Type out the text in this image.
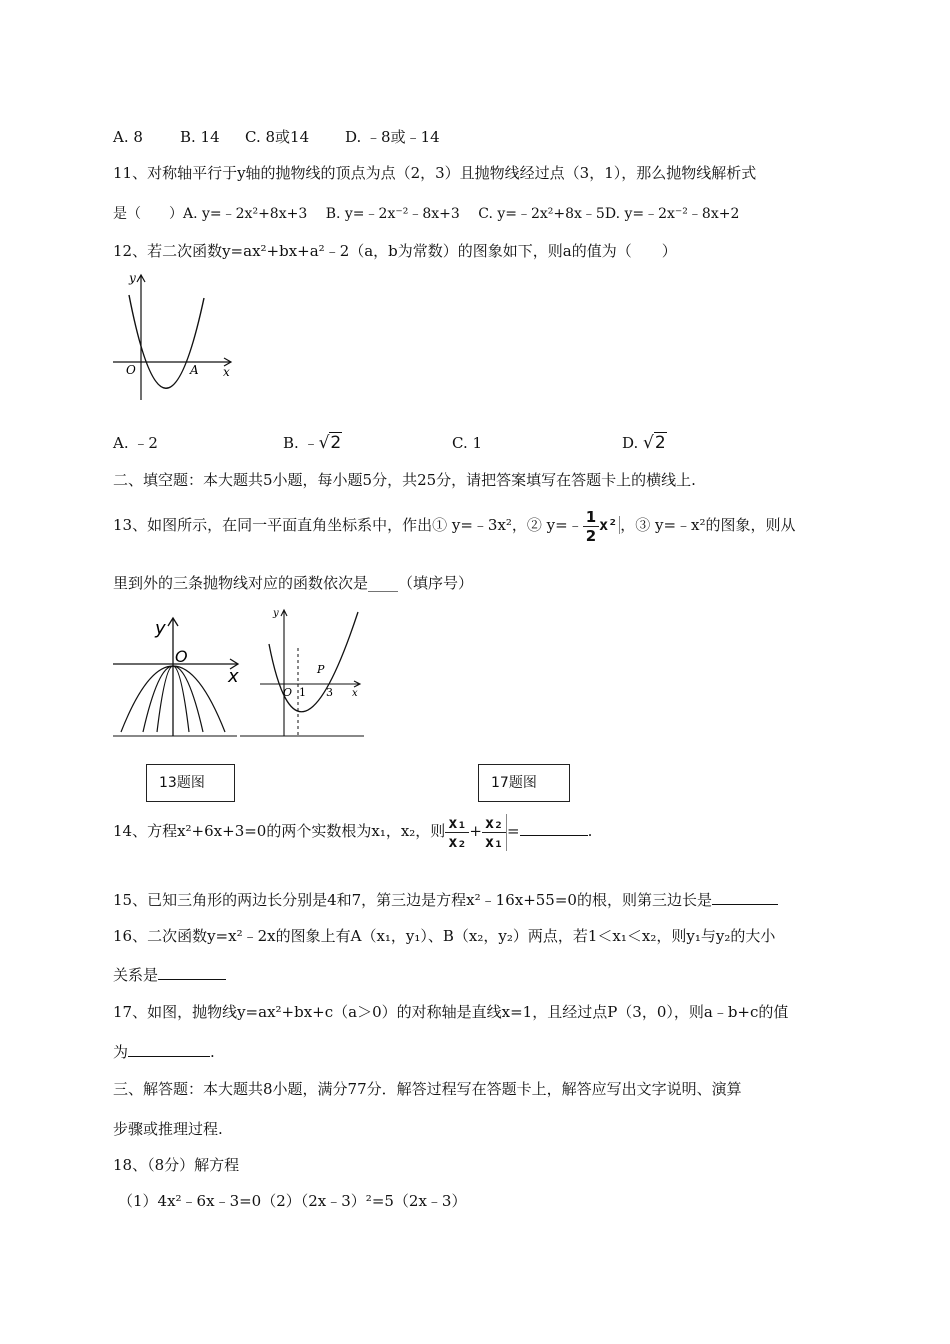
A. 8 B. 14 C. 8或14 D. ﹣8或﹣14
11、对称轴平行于y轴的抛物线的顶点为点（2，3）且抛物线经过点（3，1），那么抛物线解析式
是（　　）A. y=﹣2x²+8x+3 B. y=﹣2x⁻²﹣8x+3 C. y=﹣2x²+8x﹣5D. y=﹣2x⁻²﹣8x+2
12、若二次函数y=ax²+bx+a²﹣2（a，b为常数）的图象如下，则a的值为（　　）
y
x
O	A
A. ﹣2	B. ﹣√2	C. 1	D. √2
二、填空题：本大题共5小题，每小题5分，共25分，请把答案填写在答题卡上的横线上.
13、如图所示，在同一平面直角坐标系中，作出① y=﹣3x²，② y=﹣ $\frac{1}{2} x^2$ ，③ y=﹣x²的图象，则从
里到外的三条抛物线对应的函数依次是____（填序号）
y
x
O
y
x
O 1 3
P
13题图	17题图
14、方程x²+6x+3=0的两个实数根为x₁，x₂，则 $\frac{\text{x₁}}{\text{x₂}} + \frac{\text{x₂}}{\text{x₁}}$ =	.
15、已知三角形的两边长分别是4和7，第三边是方程x²﹣16x+55=0的根，则第三边长是
16、二次函数y=x²﹣2x的图象上有A（x₁，y₁）、B（x₂，y₂）两点，若1＜x₁＜x₂，则y₁与y₂的大小
关系是
17、如图，抛物线y=ax²+bx+c（a＞0）的对称轴是直线x=1，且经过点P（3，0），则a﹣b+c的值
为	.
三、解答题：本大题共8小题，满分77分．解答过程写在答题卡上，解答应写出文字说明、演算
步骤或推理过程.
18、（8分）解方程
（1）4x²﹣6x﹣3=0（2）（2x﹣3）²=5（2x﹣3）
